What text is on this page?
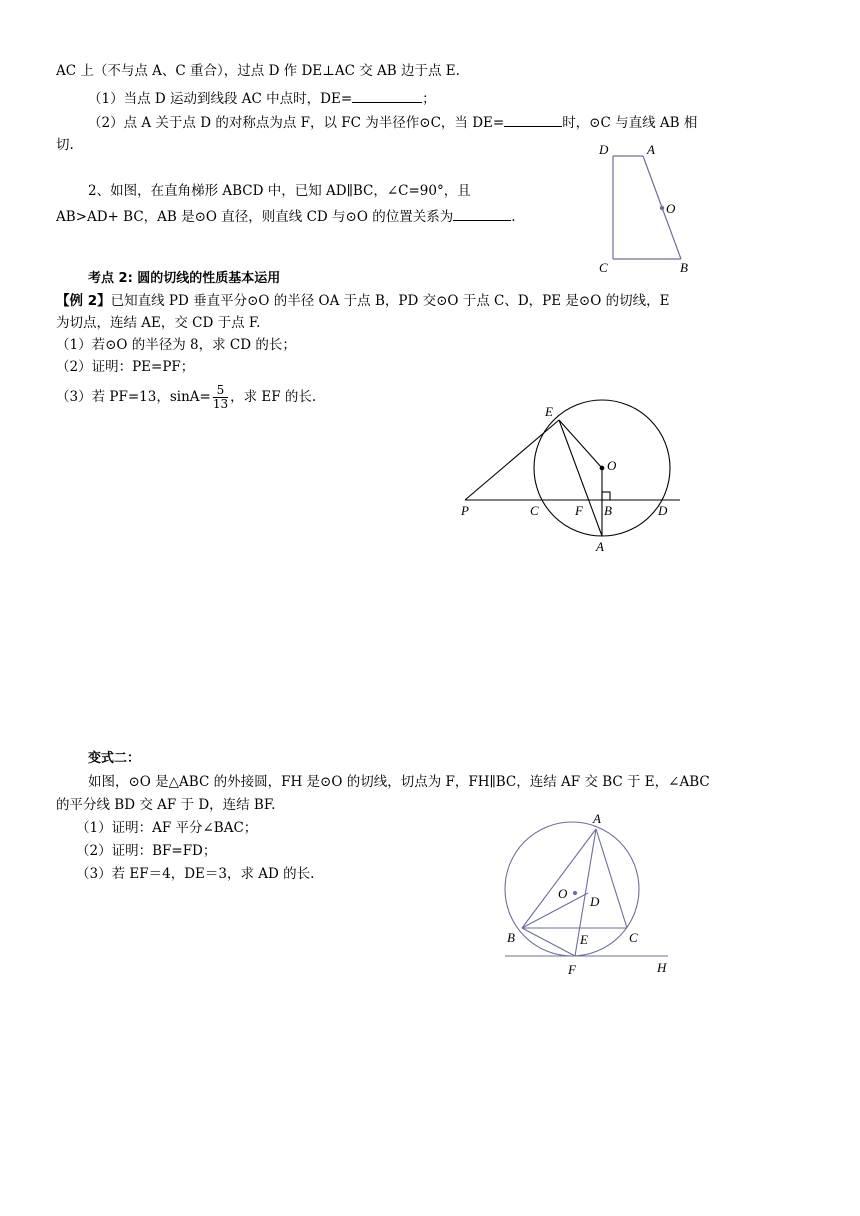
AC 上（不与点 A、C 重合），过点 D 作 DE⊥AC 交 AB 边于点 E.
（1）当点 D 运动到线段 AC 中点时，DE=	；
（2）点 A 关于点 D 的对称点为点 F，以 FC 为半径作⊙C，当 DE=	时，⊙C 与直线 AB 相
切.
2、如图，在直角梯形 ABCD 中，已知 AD∥BC，∠C=90°，且
AB>AD+ BC，AB 是⊙O 直径，则直线 CD 与⊙O 的位置关系为	.
考点 2: 圆的切线的性质基本运用
【例 2】已知直线 PD 垂直平分⊙O 的半径 OA 于点 B，PD 交⊙O 于点 C、D，PE 是⊙O 的切线，E
为切点，连结 AE，交 CD 于点 F.
（1）若⊙O 的半径为 8，求 CD 的长；
（2）证明：PE=PF；
（3）若 PF=13，$\sin A= \frac{5}{13}$ ，求 EF 的长.
变式二：
如图，⊙O 是△ABC 的外接圆，FH 是⊙O 的切线，切点为 F，FH∥BC，连结 AF 交 BC 于 E，∠ABC
的平分线 BD 交 AF 于 D，连结 BF.
（1）证明：AF 平分∠BAC；
（2）证明：BF=FD；
（3）若 EF＝4，DE＝3，求 AD 的长.
D	A
O
C	B
E
O
P	C	F B	D
A
A
O
D
B	E	C
F	H
